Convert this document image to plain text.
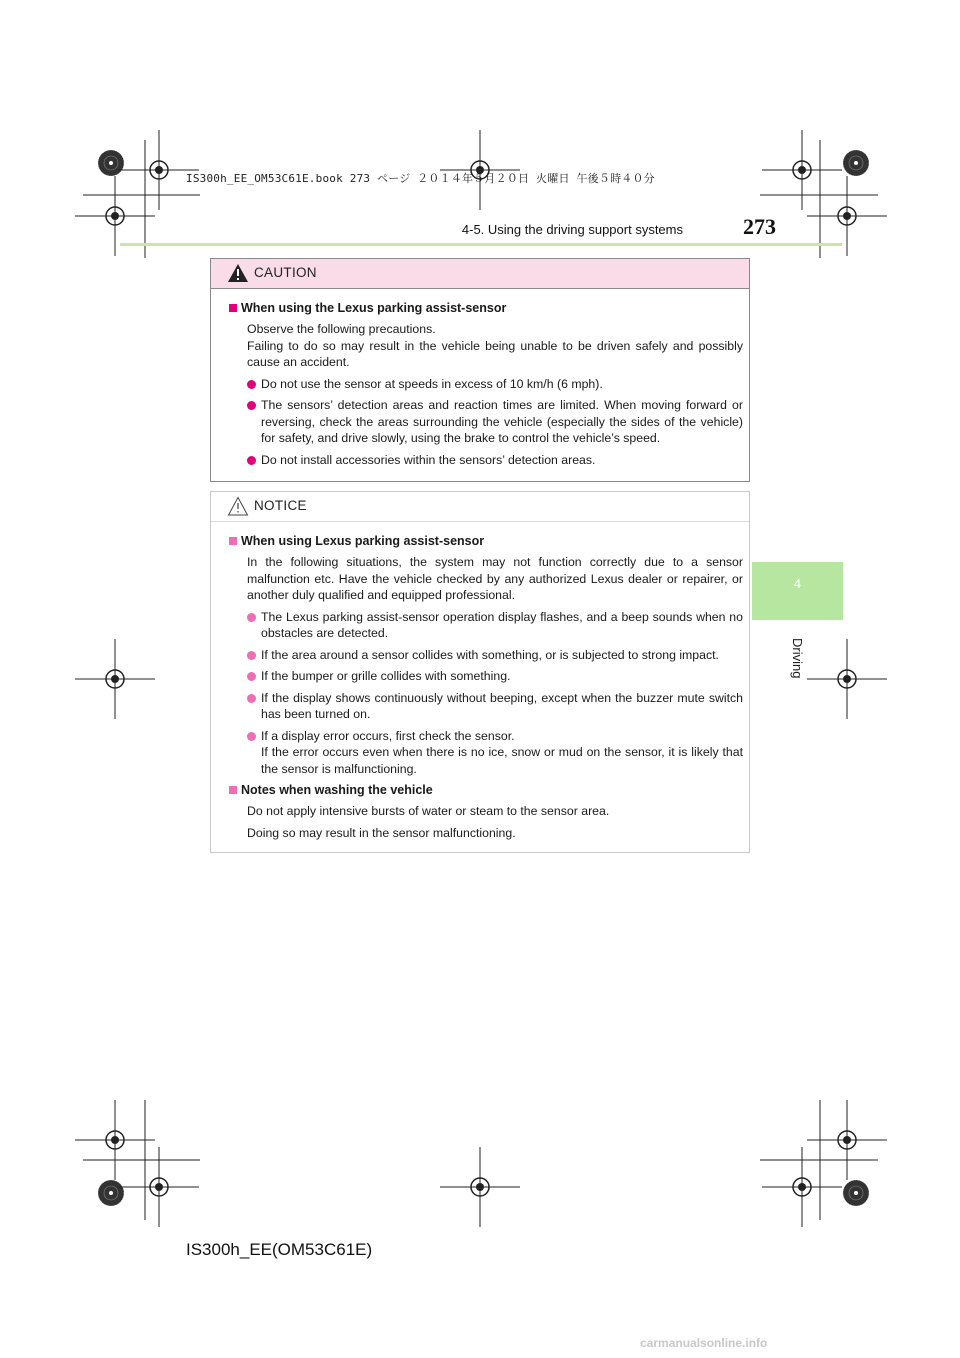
IS300h_EE_OM53C61E.book 273 ページ ２０１４年５月２０日 火曜日 午後５時４０分
4-5. Using the driving support systems	273
4
Driving
CAUTION

When using the Lexus parking assist-sensor

Observe the following precautions.

Failing to do so may result in the vehicle being unable to be driven safely and possibly cause an accident.

Do not use the sensor at speeds in excess of 10 km/h (6 mph).
The sensors’ detection areas and reaction times are limited. When moving forward or reversing, check the areas surrounding the vehicle (especially the sides of the vehicle) for safety, and drive slowly, using the brake to control the vehicle’s speed.
Do not install accessories within the sensors’ detection areas.
NOTICE

When using Lexus parking assist-sensor

In the following situations, the system may not function correctly due to a sensor malfunction etc. Have the vehicle checked by any authorized Lexus dealer or repairer, or another duly qualified and equipped professional.

The Lexus parking assist-sensor operation display flashes, and a beep sounds when no obstacles are detected.
If the area around a sensor collides with something, or is subjected to strong impact.
If the bumper or grille collides with something.
If the display shows continuously without beeping, except when the buzzer mute switch has been turned on.
If a display error occurs, first check the sensor.
If the error occurs even when there is no ice, snow or mud on the sensor, it is likely that the sensor is malfunctioning.

Notes when washing the vehicle

Do not apply intensive bursts of water or steam to the sensor area.

Doing so may result in the sensor malfunctioning.

IS300h_EE(OM53C61E)
carmanualsonline.info
